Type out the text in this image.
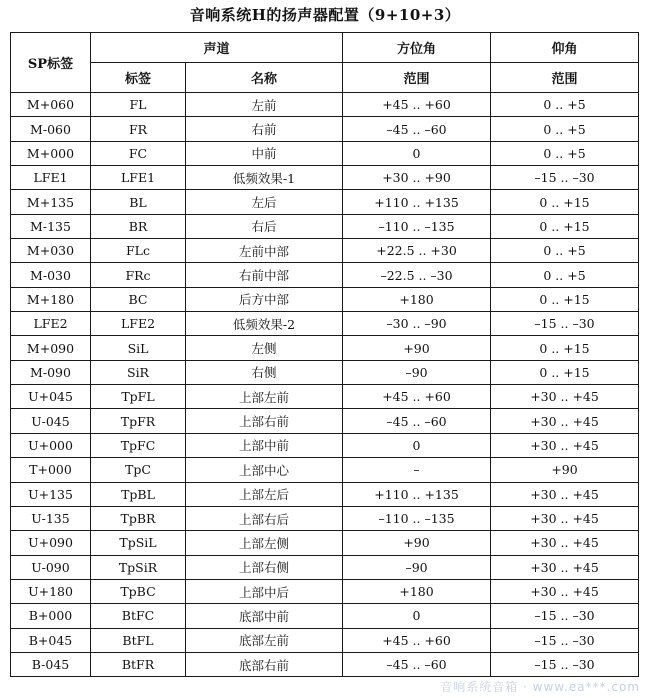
音响系统H的扬声器配置（9+10+3）
SP标签	声道		方位角	仰角
	标签	名称	范围	范围
M+060	FL	左前	+45 .. +60	0 .. +5
M-060	FR	右前	–45 .. –60	0 .. +5
M+000	FC	中前	0	0 .. +5
LFE1	LFE1	低频效果-1	+30 .. +90	–15 .. –30
M+135	BL	左后	+110 .. +135	0 .. +15
M-135	BR	右后	–110 .. –135	0 .. +15
M+030	FLc	左前中部	+22.5 .. +30	0 .. +5
M-030	FRc	右前中部	–22.5 .. –30	0 .. +5
M+180	BC	后方中部	+180	0 .. +15
LFE2	LFE2	低频效果-2	–30 .. –90	–15 .. –30
M+090	SiL	左侧	+90	0 .. +15
M-090	SiR	右侧	–90	0 .. +15
U+045	TpFL	上部左前	+45 .. +60	+30 .. +45
U-045	TpFR	上部右前	–45 .. –60	+30 .. +45
U+000	TpFC	上部中前	0	+30 .. +45
T+000	TpC	上部中心	–	+90
U+135	TpBL	上部左后	+110 .. +135	+30 .. +45
U-135	TpBR	上部右后	–110 .. –135	+30 .. +45
U+090	TpSiL	上部左侧	+90	+30 .. +45
U-090	TpSiR	上部右侧	–90	+30 .. +45
U+180	TpBC	上部中后	+180	+30 .. +45
B+000	BtFC	底部中前	0	–15 .. –30
B+045	BtFL	底部左前	+45 .. +60	–15 .. –30
B-045	BtFR	底部右前	–45 .. –60	–15 .. –30
音响系统音箱 · www.ea***.com
